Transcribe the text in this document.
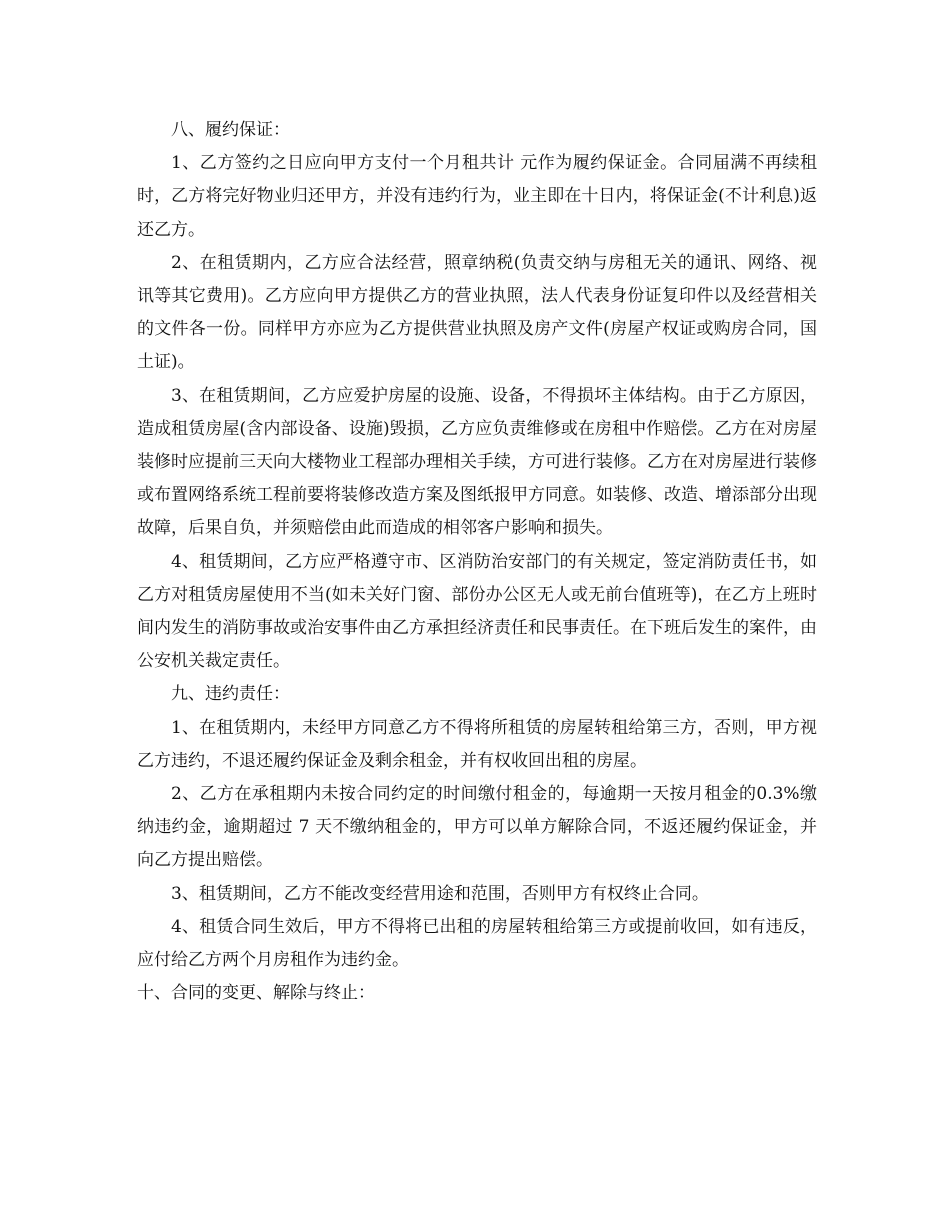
八、履约保证：

1、乙方签约之日应向甲方支付一个月租共计 元作为履约保证金。合同届满不再续租时，乙方将完好物业归还甲方，并没有违约行为，业主即在十日内，将保证金(不计利息)返还乙方。

2、在租赁期内，乙方应合法经营，照章纳税(负责交纳与房租无关的通讯、网络、视讯等其它费用)。乙方应向甲方提供乙方的营业执照，法人代表身份证复印件以及经营相关的文件各一份。同样甲方亦应为乙方提供营业执照及房产文件(房屋产权证或购房合同，国土证)。

3、在租赁期间，乙方应爱护房屋的设施、设备，不得损坏主体结构。由于乙方原因，造成租赁房屋(含内部设备、设施)毁损，乙方应负责维修或在房租中作赔偿。乙方在对房屋装修时应提前三天向大楼物业工程部办理相关手续，方可进行装修。乙方在对房屋进行装修或布置网络系统工程前要将装修改造方案及图纸报甲方同意。如装修、改造、增添部分出现故障，后果自负，并须赔偿由此而造成的相邻客户影响和损失。

4、租赁期间，乙方应严格遵守市、区消防治安部门的有关规定，签定消防责任书，如乙方对租赁房屋使用不当(如未关好门窗、部份办公区无人或无前台值班等)，在乙方上班时间内发生的消防事故或治安事件由乙方承担经济责任和民事责任。在下班后发生的案件，由公安机关裁定责任。

九、违约责任：

1、在租赁期内，未经甲方同意乙方不得将所租赁的房屋转租给第三方，否则，甲方视乙方违约，不退还履约保证金及剩余租金，并有权收回出租的房屋。

2、乙方在承租期内未按合同约定的时间缴付租金的，每逾期一天按月租金的0.3%缴纳违约金，逾期超过 7 天不缴纳租金的，甲方可以单方解除合同，不返还履约保证金，并向乙方提出赔偿。

3、租赁期间，乙方不能改变经营用途和范围，否则甲方有权终止合同。

4、租赁合同生效后，甲方不得将已出租的房屋转租给第三方或提前收回，如有违反，应付给乙方两个月房租作为违约金。

十、合同的变更、解除与终止：
